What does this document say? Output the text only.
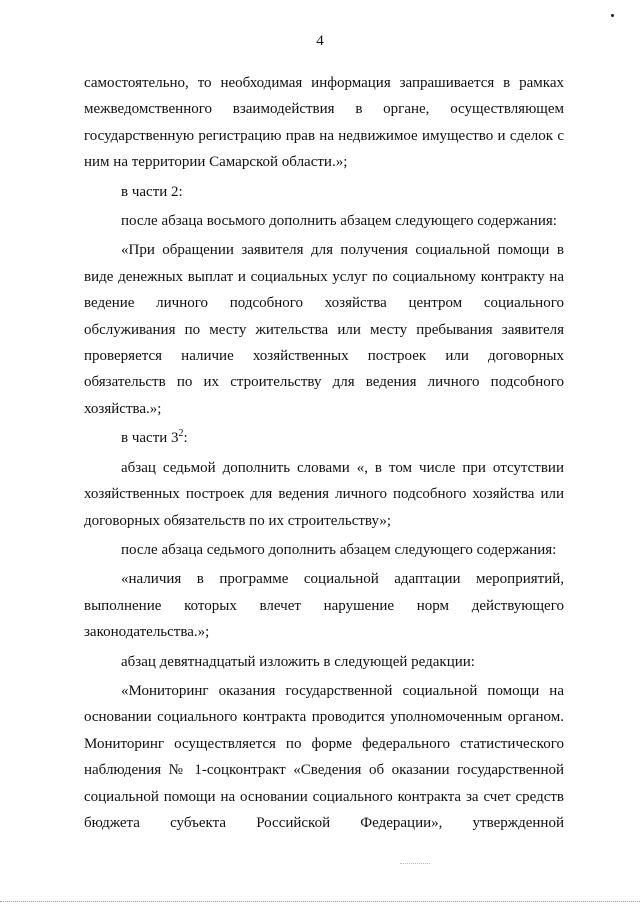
4

самостоятельно, то необходимая информация запрашивается в рамках межведомственного взаимодействия в органе, осуществляющем государственную регистрацию прав на недвижимое имущество и сделок с ним на территории Самарской области.»;

в части 2:

после абзаца восьмого дополнить абзацем следующего содержания:

«При обращении заявителя для получения социальной помощи в виде денежных выплат и социальных услуг по социальному контракту на ведение личного подсобного хозяйства центром социального обслуживания по месту жительства или месту пребывания заявителя проверяется наличие хозяйственных построек или договорных обязательств по их строительству для ведения личного подсобного хозяйства.»;

в части $3^2$:

абзац седьмой дополнить словами «, в том числе при отсутствии хозяйственных построек для ведения личного подсобного хозяйства или договорных обязательств по их строительству»;

после абзаца седьмого дополнить абзацем следующего содержания:

«наличия в программе социальной адаптации мероприятий, выполнение которых влечет нарушение норм действующего законодательства.»;

абзац девятнадцатый изложить в следующей редакции:

«Мониторинг оказания государственной социальной помощи на основании социального контракта проводится уполномоченным органом. Мониторинг осуществляется по форме федерального статистического наблюдения № 1-соцконтракт «Сведения об оказании государственной социальной помощи на основании социального контракта за счет средств бюджета субъекта Российской Федерации», утвержденной
